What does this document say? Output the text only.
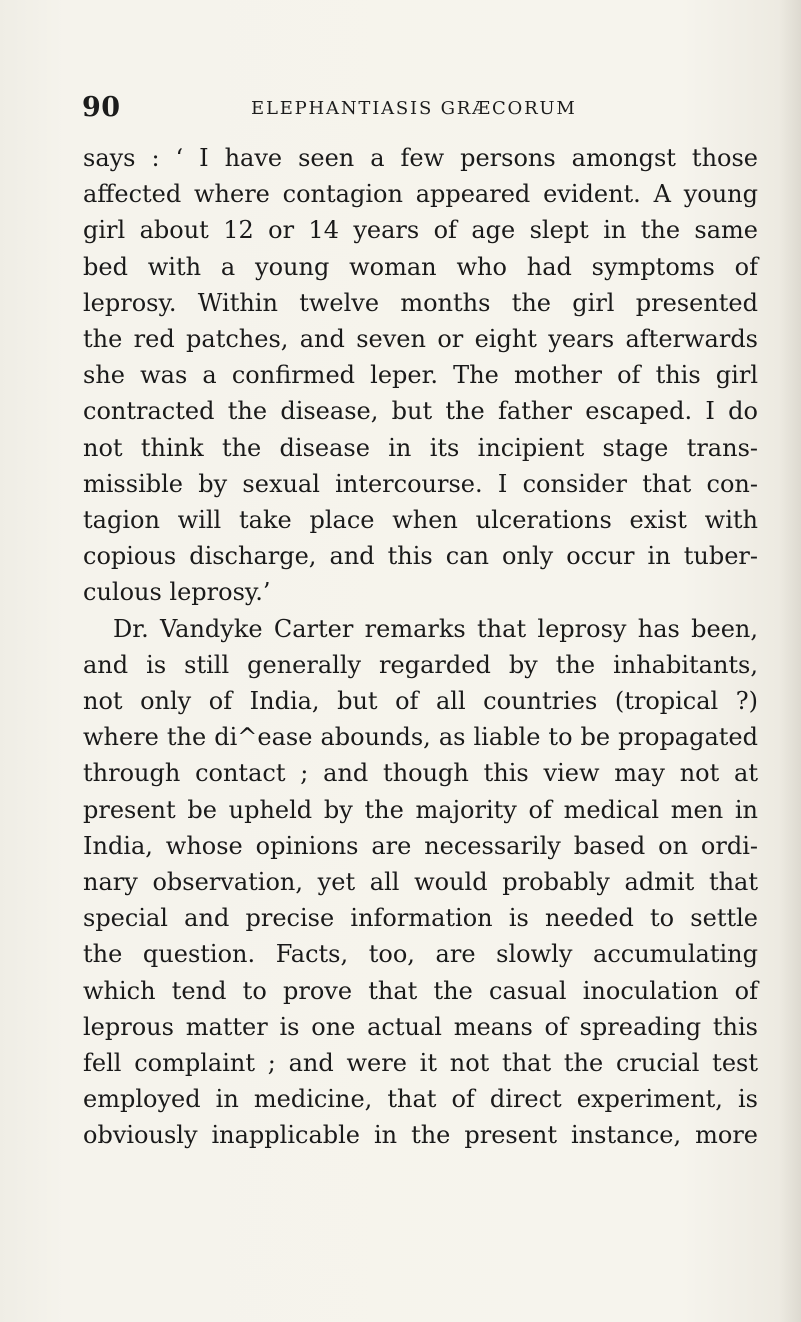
90	ELEPHANTIASIS GRÆCORUM
says : ‘ I have seen a few persons amongst those
affected where contagion appeared evident. A young
girl about 12 or 14 years of age slept in the same
bed with a young woman who had symptoms of
leprosy. Within twelve months the girl presented
the red patches, and seven or eight years afterwards
she was a confirmed leper. The mother of this girl
contracted the disease, but the father escaped. I do
not think the disease in its incipient stage trans-
missible by sexual intercourse. I consider that con-
tagion will take place when ulcerations exist with
copious discharge, and this can only occur in tuber-
culous leprosy.’
Dr. Vandyke Carter remarks that leprosy has been,
and is still generally regarded by the inhabitants,
not only of India, but of all countries (tropical ?)
where the di^ease abounds, as liable to be propagated
through contact ; and though this view may not at
present be upheld by the majority of medical men in
India, whose opinions are necessarily based on ordi-
nary observation, yet all would probably admit that
special and precise information is needed to settle
the question. Facts, too, are slowly accumulating
which tend to prove that the casual inoculation of
leprous matter is one actual means of spreading this
fell complaint ; and were it not that the crucial test
employed in medicine, that of direct experiment, is
obviously inapplicable in the present instance, more
